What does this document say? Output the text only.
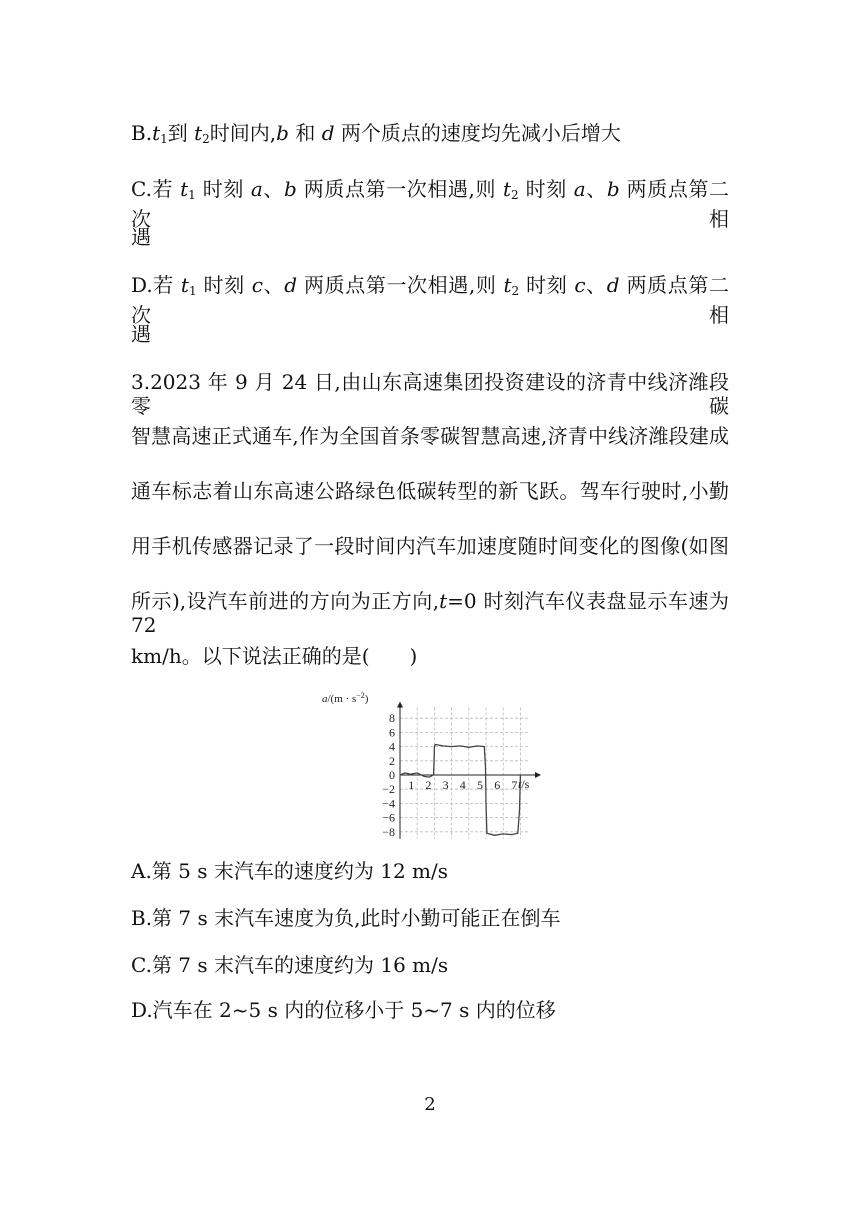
$B.t_1$到 $t_2$时间内,b 和 d 两个质点的速度均先减小后增大
C.若 $t_1$ 时刻 a、b 两质点第一次相遇,则 $t_2$ 时刻 a、b 两质点第二次相
遇
D.若 $t_1$ 时刻 c、d 两质点第一次相遇,则 $t_2$ 时刻 c、d 两质点第二次相
遇
3.2023 年 9 月 24 日,由山东高速集团投资建设的济青中线济潍段零碳
智慧高速正式通车,作为全国首条零碳智慧高速,济青中线济潍段建成
通车标志着山东高速公路绿色低碳转型的新飞跃。驾车行驶时,小勤
用手机传感器记录了一段时间内汽车加速度随时间变化的图像(如图
所示),设汽车前进的方向为正方向,t=0 时刻汽车仪表盘显示车速为 72
km/h。以下说法正确的是(　　)
8
6
4
2
0
−2
−4
−6
−8
1 2 3 4 5 6 7
$a/(m \cdot s^{-2})$
t/s
A.第 5 s 末汽车的速度约为 12 m/s
B.第 7 s 末汽车速度为负,此时小勤可能正在倒车
C.第 7 s 末汽车的速度约为 16 m/s
D.汽车在 2~5 s 内的位移小于 5~7 s 内的位移
2
